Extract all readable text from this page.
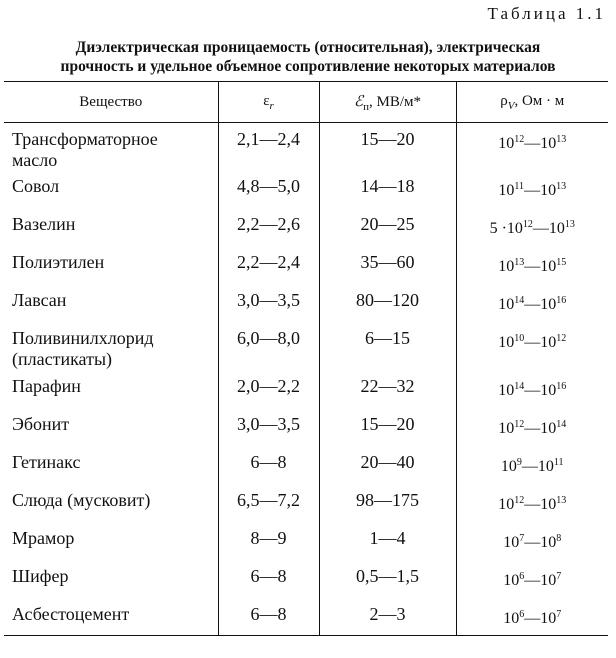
Таблица 1.1
Диэлектрическая проницаемость (относительная), электрическая
прочность и удельное объемное сопротивление некоторых материалов
Вещество	$\varepsilon_r$	ℰ$_п$, МВ/м*	$\rho_V$, Ом · м

Трансформаторное
масло	2,1—2,4	15—20	1012—1013

Совол	4,8—5,0	14—18	1011—1013

Вазелин	2,2—2,6	20—25	5 ·1012—1013

Полиэтилен	2,2—2,4	35—60	1013—1015

Лавсан	3,0—3,5	80—120	1014—1016

Поливинилхлорид
(пластикаты)	6,0—8,0	6—15	1010—1012

Парафин	2,0—2,2	22—32	1014—1016

Эбонит	3,0—3,5	15—20	1012—1014

Гетинакс	6—8	20—40	109—1011

Слюда (мусковит)	6,5—7,2	98—175	1012—1013

Мрамор	8—9	1—4	107—108

Шифер	6—8	0,5—1,5	106—107

Асбестоцемент	6—8	2—3	106—107
